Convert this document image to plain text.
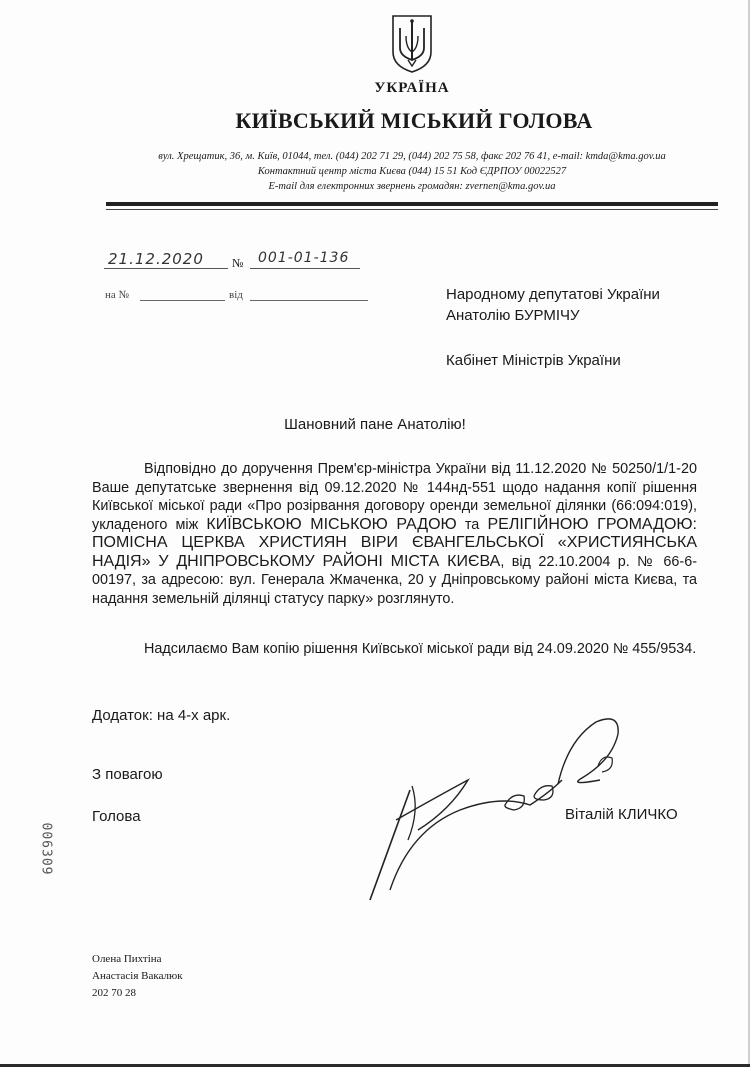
УКРАЇНА
КИЇВСЬКИЙ МІСЬКИЙ ГОЛОВА
вул. Хрещатик, 36, м. Київ, 01044, тел. (044) 202 71 29, (044) 202 75 58, факс 202 76 41, e-mail: kmda@kma.gov.ua
Контактний центр міста Києва (044) 15 51 Код ЄДРПОУ 00022527
E-mail для електронних звернень громадян: zvernen@kma.gov.ua
21.12.2020 № 001-01-136
на №	від	Народному депутатові України
Анатолію БУРМІЧУ
Кабінет Міністрів України
Шановний пане Анатолію!

Відповідно до доручення Прем'єр-міністра України від 11.12.2020 № 50250/1/1-20 Ваше депутатське звернення від 09.12.2020 № 144нд-551 щодо надання копії рішення Київської міської ради «Про розірвання договору оренди земельної ділянки (66:094:019), укладеного між КИЇВСЬКОЮ МІСЬКОЮ РАДОЮ та РЕЛІГІЙНОЮ ГРОМАДОЮ: ПОМІСНА ЦЕРКВА ХРИСТИЯН ВІРИ ЄВАНГЕЛЬСЬКОЇ «ХРИСТИЯНСЬКА НАДІЯ» У ДНІПРОВСЬКОМУ РАЙОНІ МІСТА КИЄВА, від 22.10.2004 р. № 66-6-00197, за адресою: вул. Генерала Жмаченка, 20 у Дніпровському районі міста Києва, та надання земельній ділянці статусу парку» розглянуто.

Надсилаємо Вам копію рішення Київської міської ради від 24.09.2020 № 455/9534.

Додаток: на 4-х арк.
З повагою
Голова	Віталій КЛИЧКО
006309
Олена Пихтіна
Анастасія Вакалюк
202 70 28
